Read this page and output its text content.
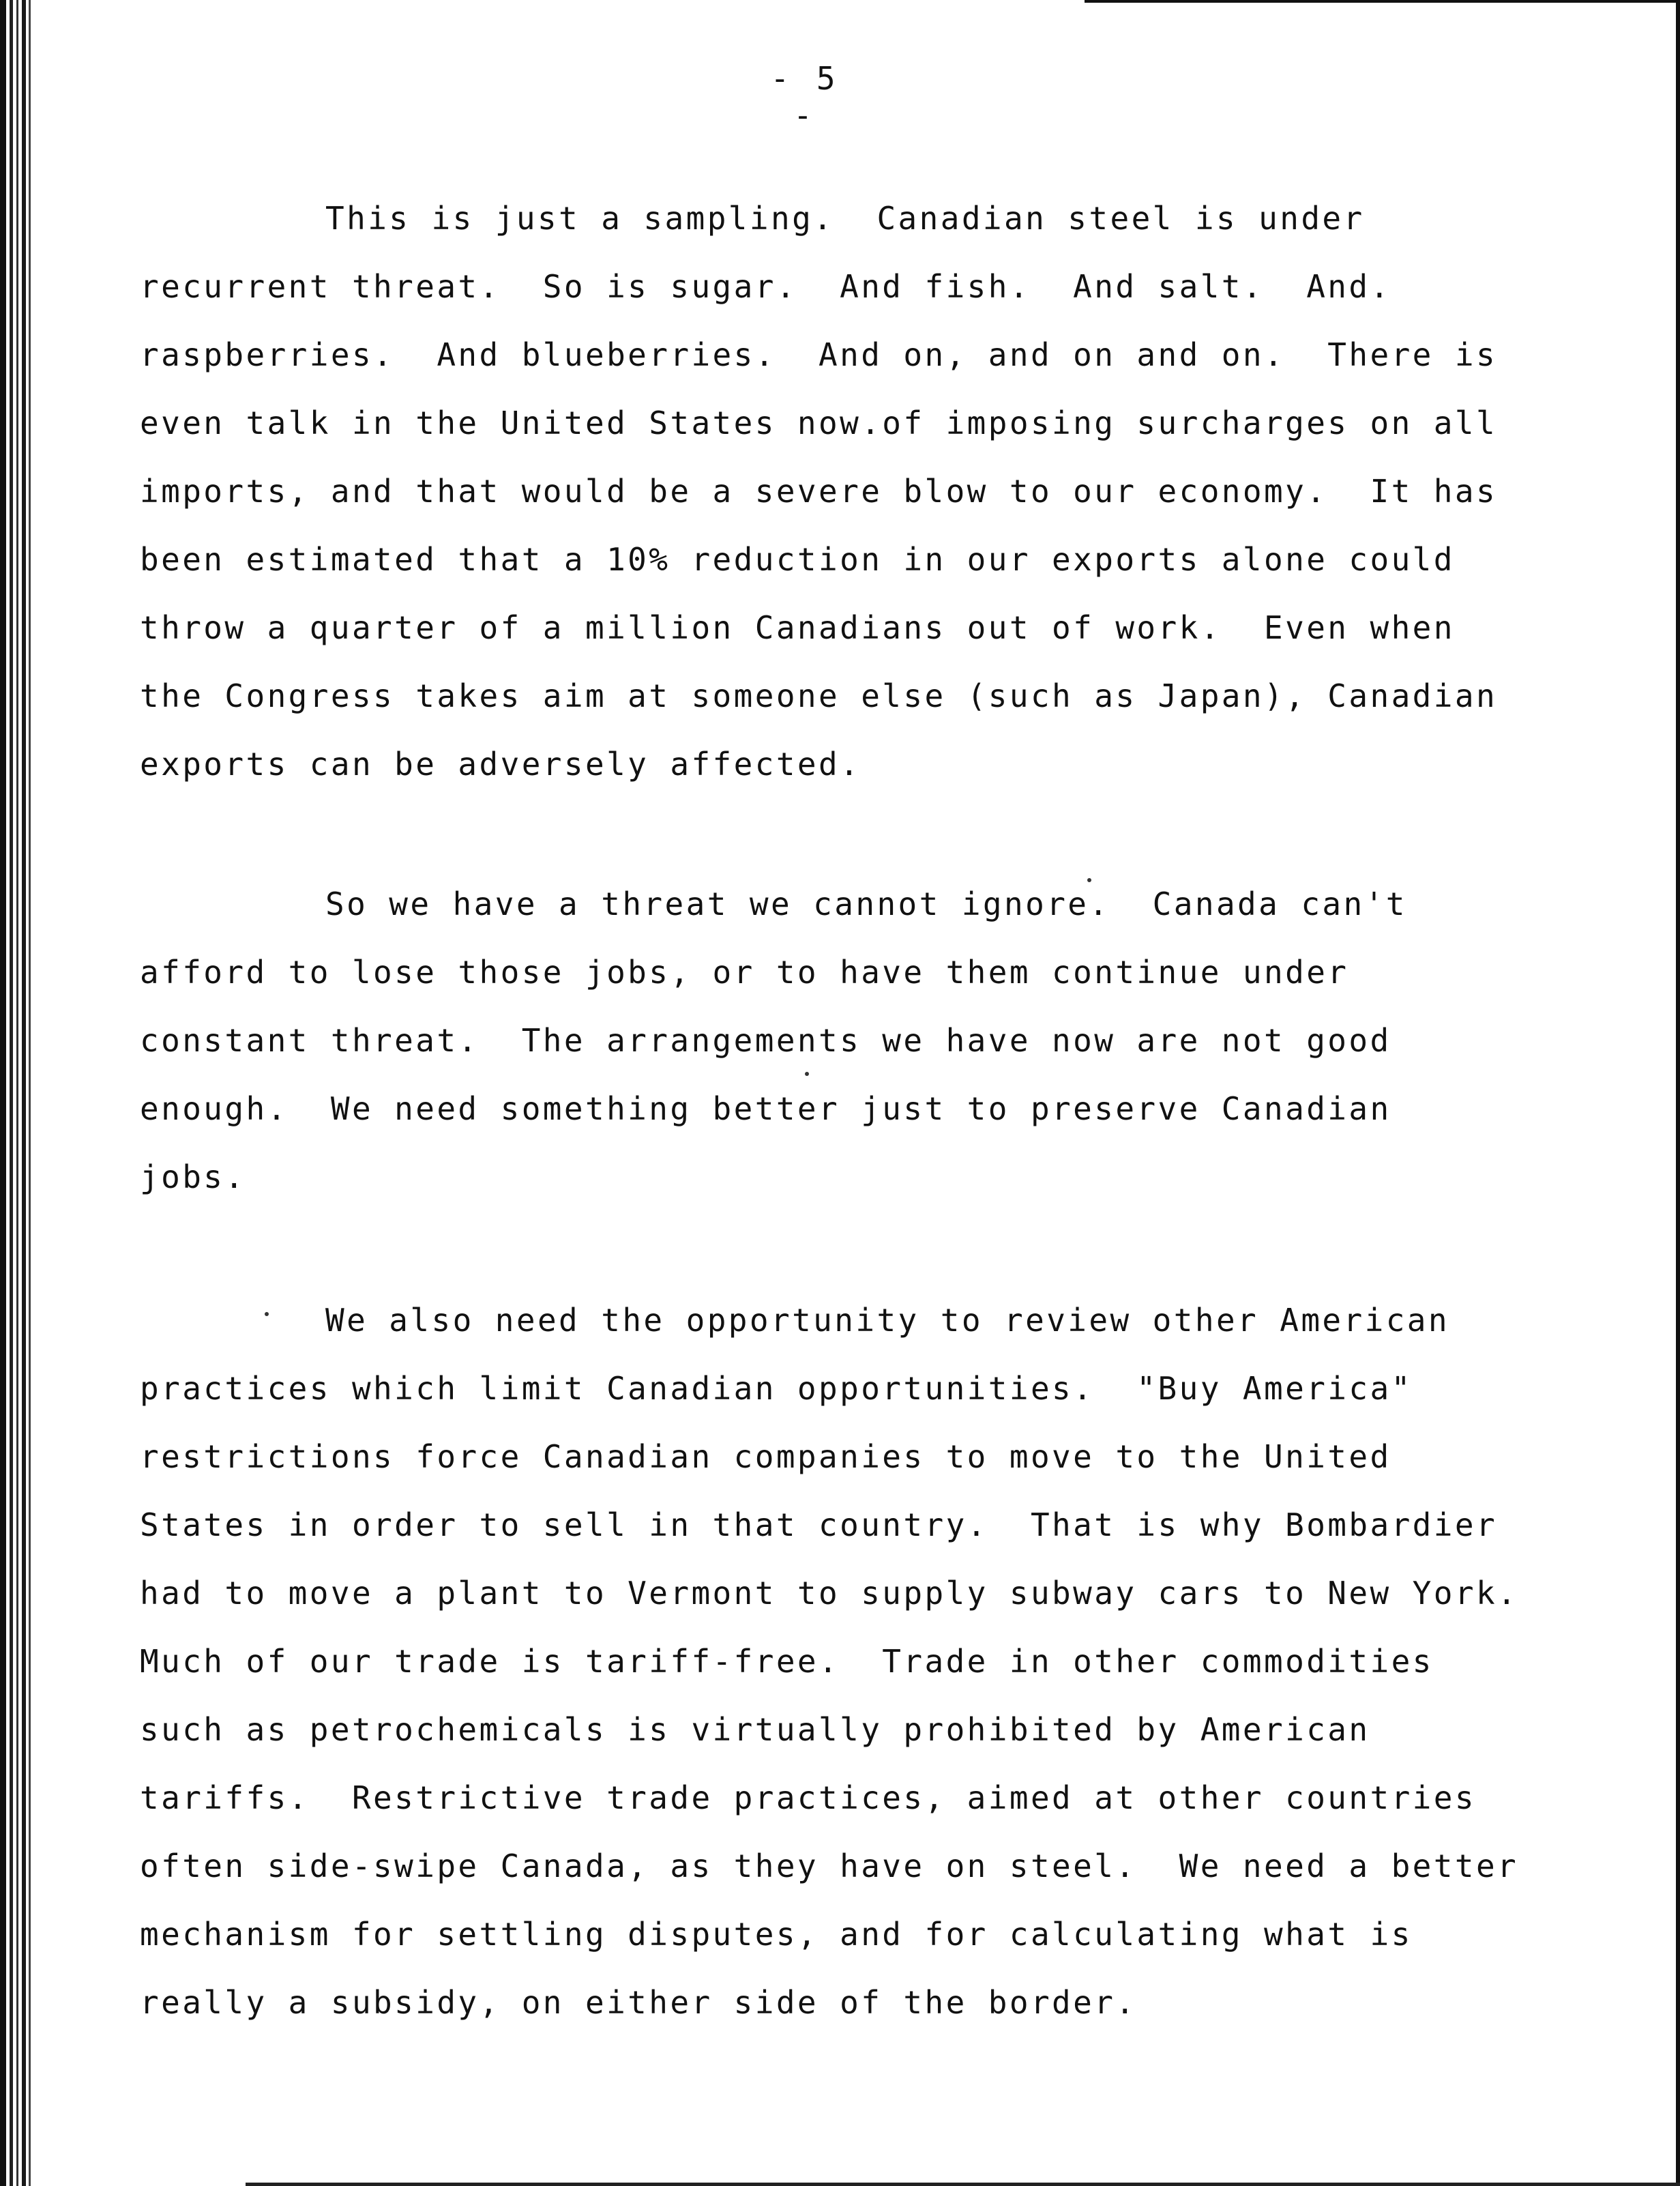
- 5 -
This is just a sampling.  Canadian steel is under
recurrent threat.  So is sugar.  And fish.  And salt.  And.
raspberries.  And blueberries.  And on, and on and on.  There is
even talk in the United States now.of imposing surcharges on all
imports, and that would be a severe blow to our economy.  It has
been estimated that a 10% reduction in our exports alone could
throw a quarter of a million Canadians out of work.  Even when
the Congress takes aim at someone else (such as Japan), Canadian
exports can be adversely affected.
So we have a threat we cannot ignore.  Canada can't
afford to lose those jobs, or to have them continue under
constant threat.  The arrangements we have now are not good
enough.  We need something better just to preserve Canadian
jobs.
We also need the opportunity to review other American
practices which limit Canadian opportunities.  "Buy America"
restrictions force Canadian companies to move to the United
States in order to sell in that country.  That is why Bombardier
had to move a plant to Vermont to supply subway cars to New York.
Much of our trade is tariff-free.  Trade in other commodities
such as petrochemicals is virtually prohibited by American
tariffs.  Restrictive trade practices, aimed at other countries
often side-swipe Canada, as they have on steel.  We need a better
mechanism for settling disputes, and for calculating what is
really a subsidy, on either side of the border.
